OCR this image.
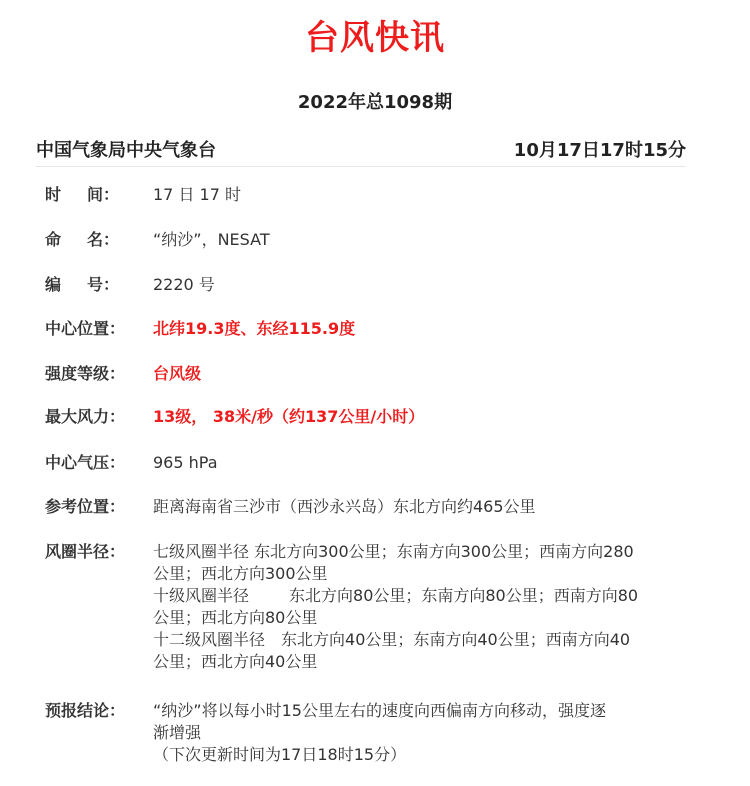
台风快讯
2022年总1098期
中国气象局中央气象台	10月17日17时15分
时 间：	17 日 17 时
命 名：	“纳沙”，NESAT
编 号：	2220 号
中心位置：	北纬19.3度、东经115.9度
强度等级：	台风级
最大风力：	13级， 38米/秒（约137公里/小时）
中心气压：	965 hPa
参考位置：	距离海南省三沙市（西沙永兴岛）东北方向约465公里
风圈半径：	七级风圈半径 东北方向300公里；东南方向300公里；西南方向280
公里；西北方向300公里
十级风圈半径	东北方向80公里；东南方向80公里；西南方向80
公里；西北方向80公里
十二级风圈半径 东北方向40公里；东南方向40公里；西南方向40
公里；西北方向40公里
预报结论：	“纳沙”将以每小时15公里左右的速度向西偏南方向移动，强度逐
渐增强
（下次更新时间为17日18时15分）
